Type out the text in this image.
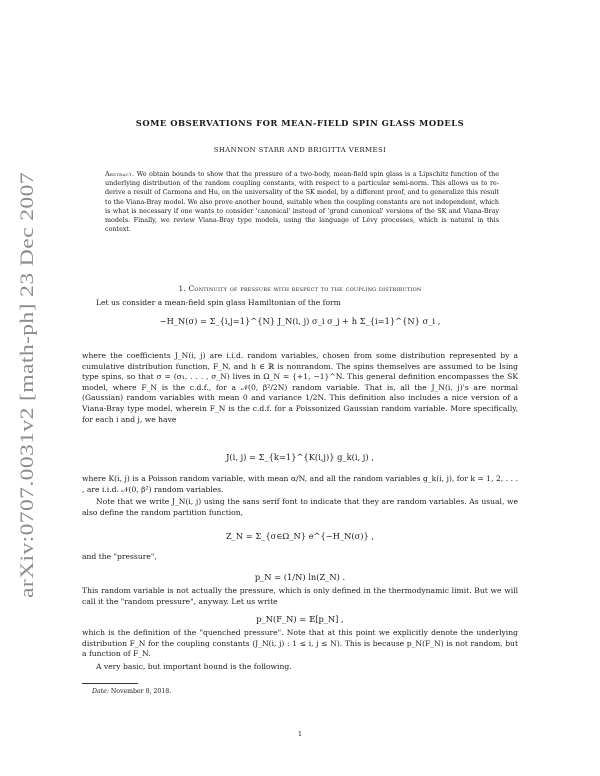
arXiv:0707.0031v2 [math-ph] 23 Dec 2007
SOME OBSERVATIONS FOR MEAN-FIELD SPIN GLASS MODELS
SHANNON STARR AND BRIGITTA VERMESI
Abstract. We obtain bounds to show that the pressure of a two-body, mean-field spin glass is a Lipschitz function of the underlying distribution of the random coupling constants, with respect to a particular semi-norm. This allows us to re-derive a result of Carmona and Hu, on the universality of the SK model, by a different proof, and to generalize this result to the Viana-Bray model. We also prove another bound, suitable when the coupling constants are not independent, which is what is necessary if one wants to consider 'canonical' instead of 'grand canonical' versions of the SK and Viana-Bray models. Finally, we review Viana-Bray type models, using the language of Lévy processes, which is natural in this context.
1. Continuity of pressure with respect to the coupling distribution
Let us consider a mean-field spin glass Hamiltonian of the form
−H_N(σ) = Σ_{i,j=1}^{N} J_N(i, j) σ_i σ_j + h Σ_{i=1}^{N} σ_i ,
where the coefficients J_N(i, j) are i.i.d. random variables, chosen from some distribution represented by a cumulative distribution function, F_N, and h ∈ ℝ is nonrandom. The spins themselves are assumed to be Ising type spins, so that σ = (σ₁, . . . , σ_N) lives in Ω_N = {+1, −1}^N. This general definition encompasses the SK model, where F_N is the c.d.f., for a 𝒩(0, β²/2N) random variable. That is, all the J_N(i, j)'s are normal (Gaussian) random variables with mean 0 and variance 1/2N. This definition also includes a nice version of a Viana-Bray type model, wherein F_N is the c.d.f. for a Poissonized Gaussian random variable. More specifically, for each i and j, we have
J(i, j) = Σ_{k=1}^{K(i,j)} g_k(i, j) ,
where K(i, j) is a Poisson random variable, with mean α/N, and all the random variables g_k(i, j), for k = 1, 2, . . . , are i.i.d. 𝒩(0, β²) random variables.
Note that we write J_N(i, j) using the sans serif font to indicate that they are random variables. As usual, we also define the random partition function,
Z_N = Σ_{σ∈Ω_N} e^{−H_N(σ)} ,
and the "pressure",
p_N = (1/N) ln(Z_N) .
This random variable is not actually the pressure, which is only defined in the thermodynamic limit. But we will call it the "random pressure", anyway. Let us write
p_N(F_N) = 𝔼[p_N] ,
which is the definition of the "quenched pressure". Note that at this point we explicitly denote the underlying distribution F_N for the coupling constants (J_N(i, j) : 1 ≤ i, j ≤ N). This is because p_N(F_N) is not random, but a function of F_N.
A very basic, but important bound is the following.
Date: November 8, 2018.
1
